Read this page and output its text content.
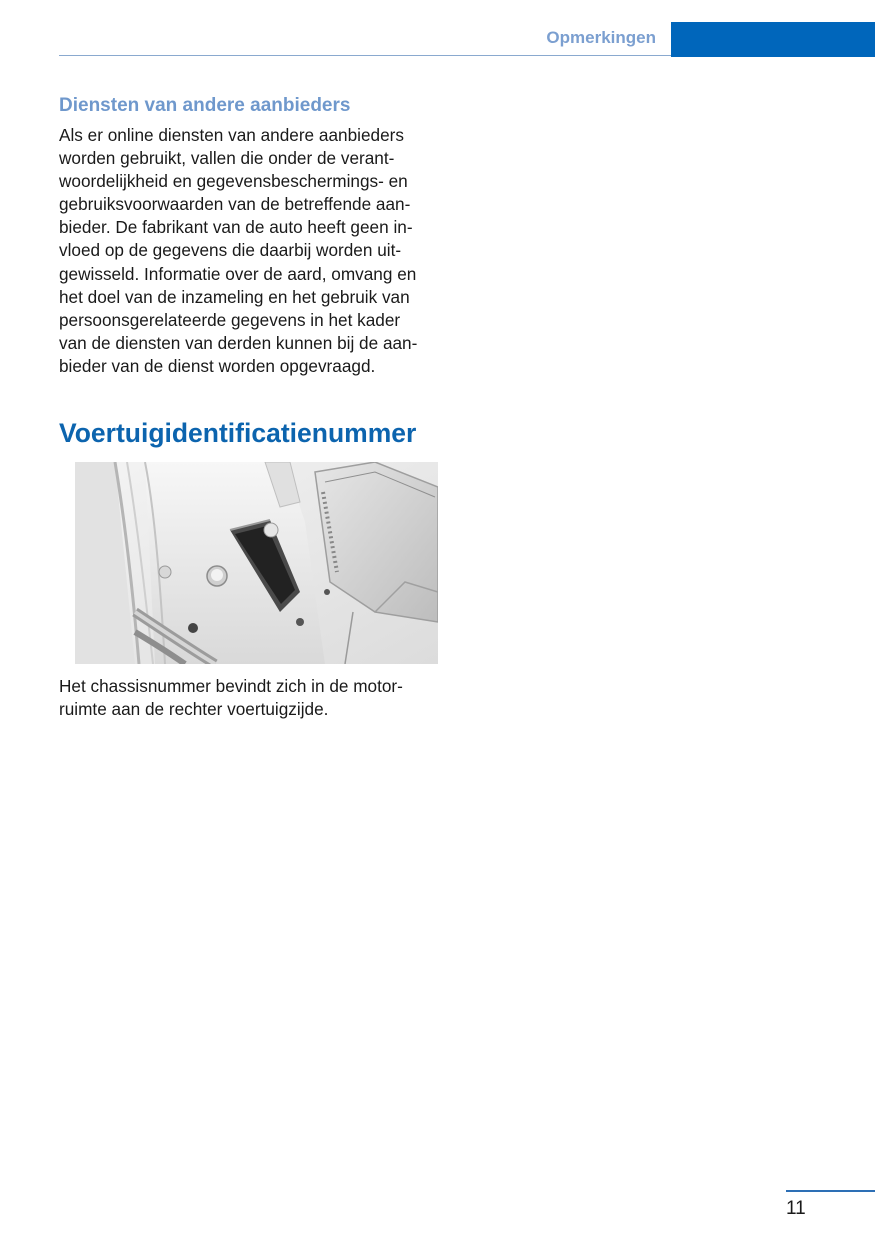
Opmerkingen
Diensten van andere aanbieders

Als er online diensten van andere aanbieders
worden gebruikt, vallen die onder de verant-
woordelijkheid en gegevensbeschermings- en
gebruiksvoorwaarden van de betreffende aan-
bieder. De fabrikant van de auto heeft geen in-
vloed op de gegevens die daarbij worden uit-
gewisseld. Informatie over de aard, omvang en
het doel van de inzameling en het gebruik van
persoonsgerelateerde gegevens in het kader
van de diensten van derden kunnen bij de aan-
bieder van de dienst worden opgevraagd.

Voertuigidentificatienummer

Het chassisnummer bevindt zich in de motor-
ruimte aan de rechter voertuigzijde.

11
